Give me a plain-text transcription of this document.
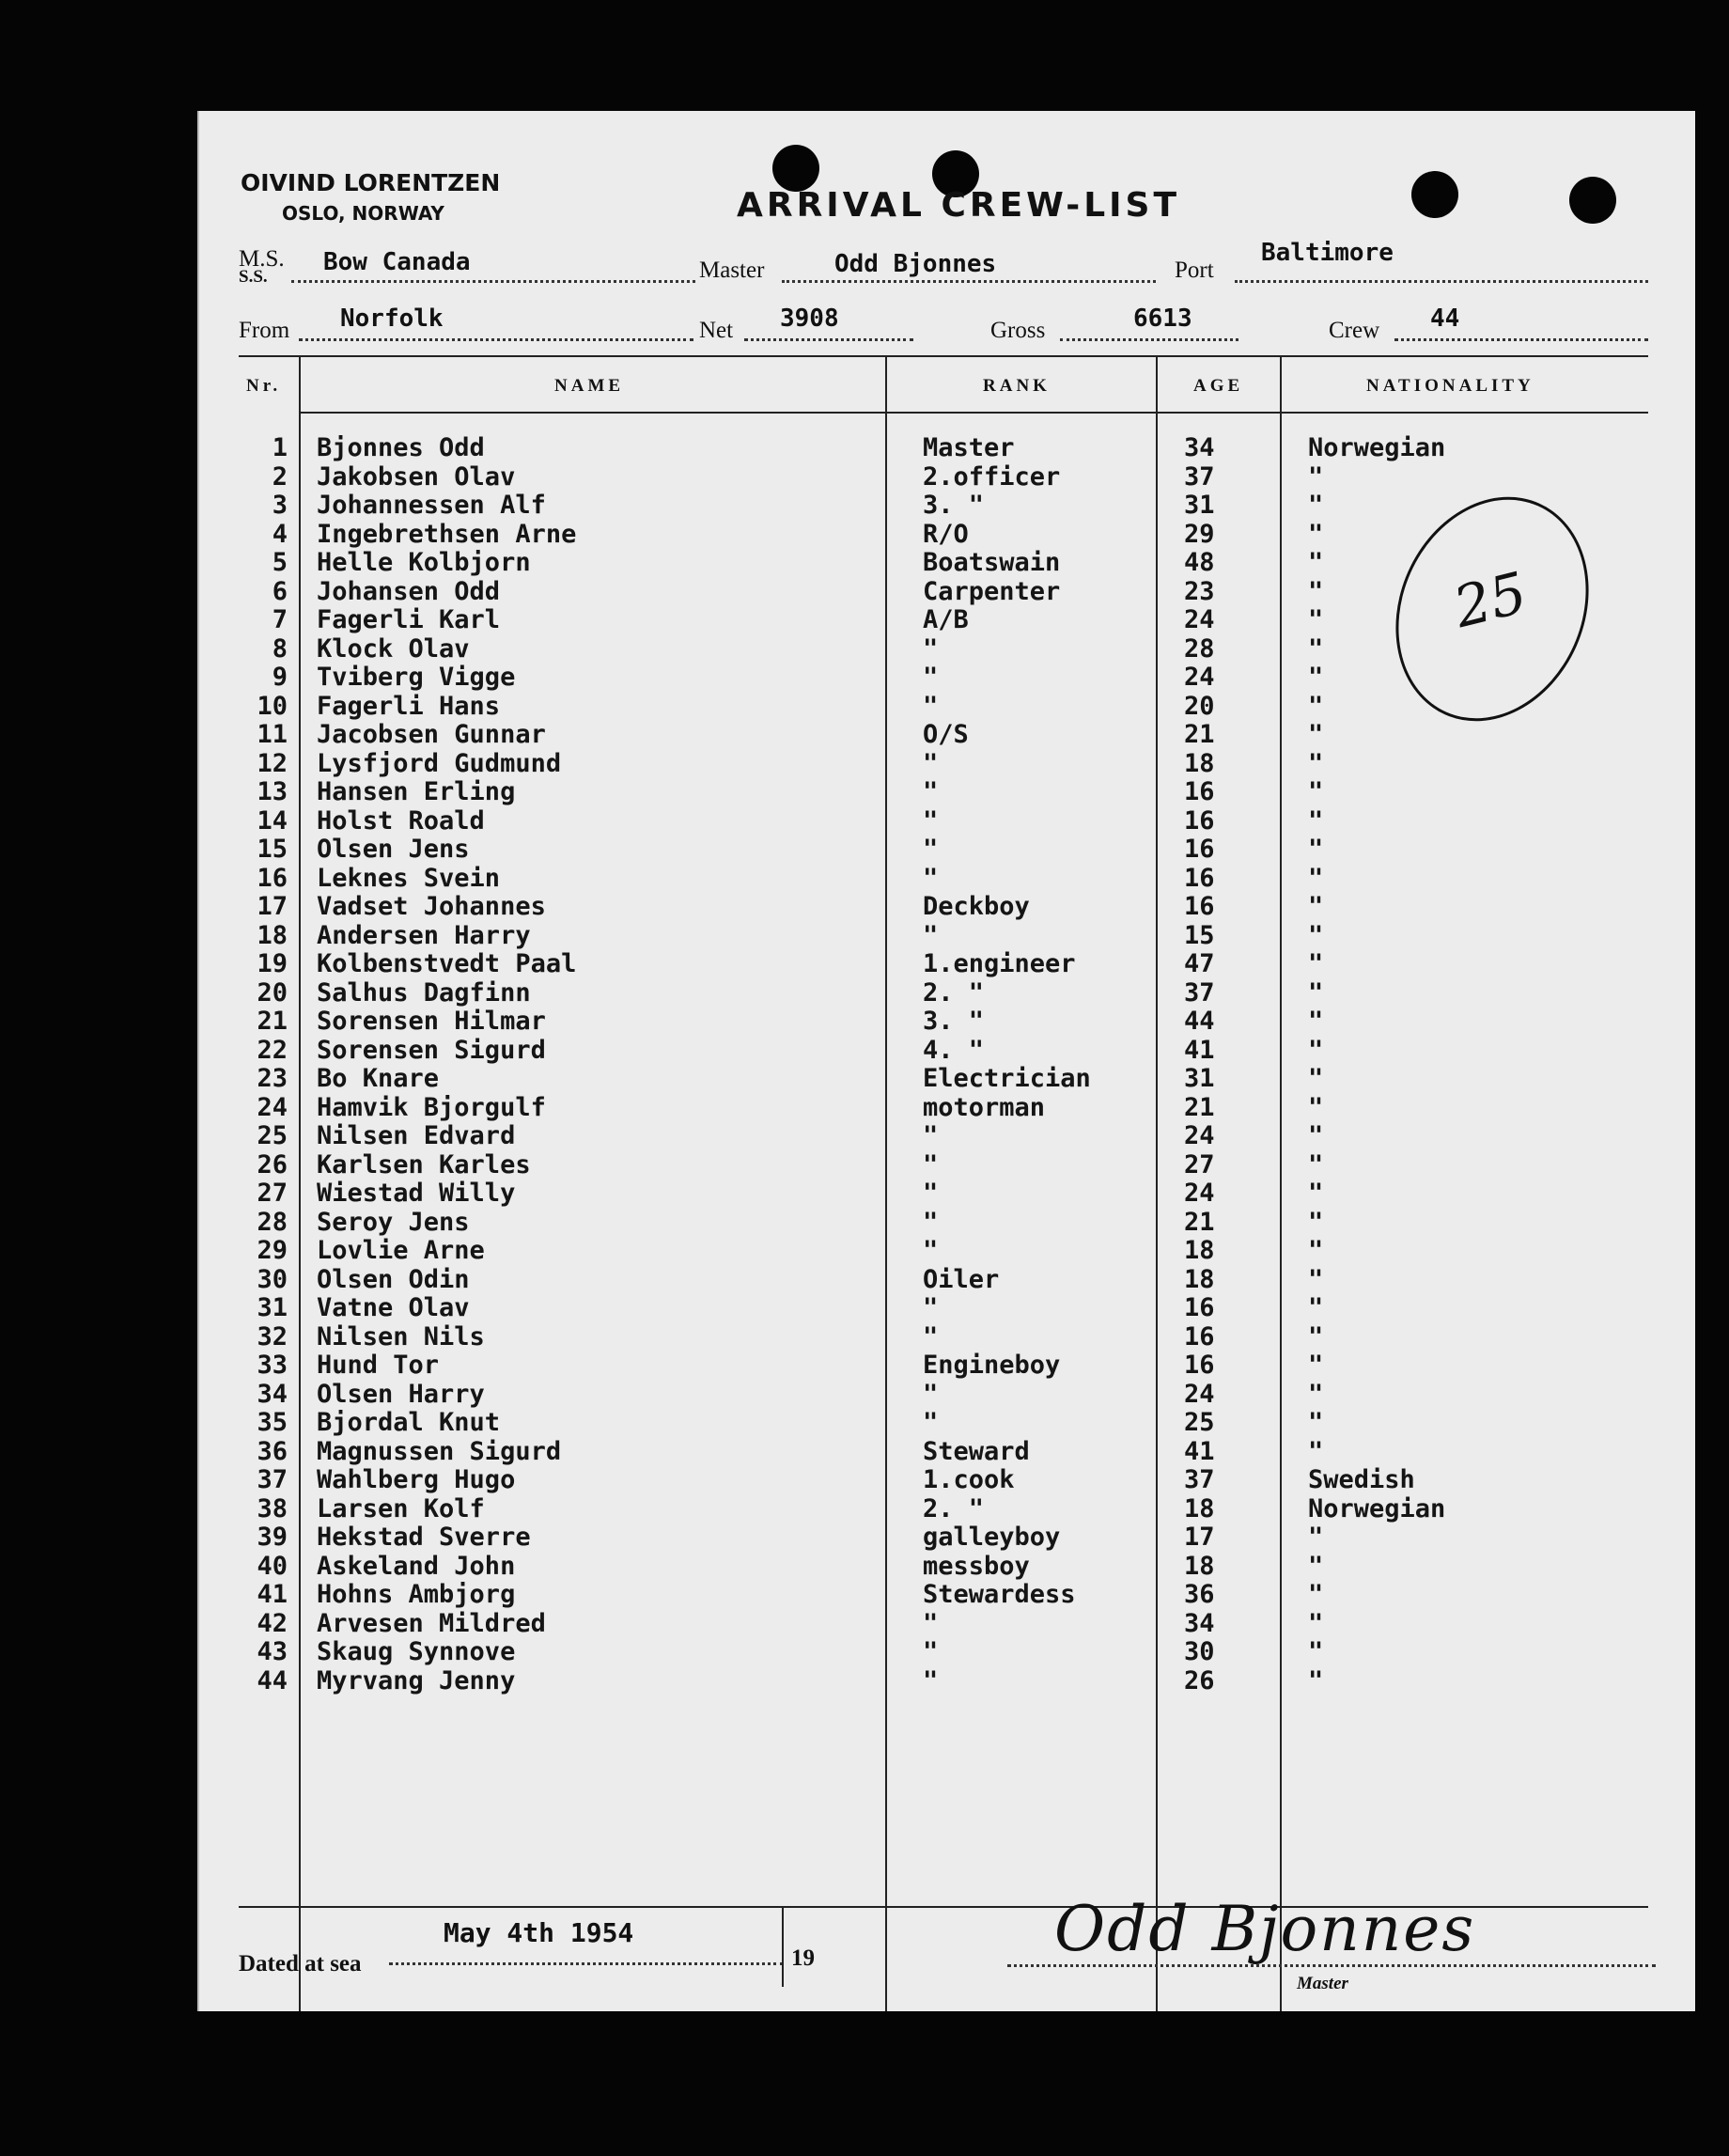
OIVIND LORENTZEN
OSLO, NORWAY	ARRIVAL CREW-LIST
M.S.
S.S.
Bow Canada	Master	Odd Bjonnes	Port
Baltimore
From Norfolk	Net 3908	Gross	6613	Crew 44
Nr.	NAME	RANK	AGE	NATIONALITY
1 Bjonnes Odd	Master	34	Norwegian
2 Jakobsen Olav	2.officer	37	"
3 Johannessen Alf	3. "	31	"
4 Ingebrethsen Arne	R/O	29	"
5 Helle Kolbjorn	Boatswain	48	"
6 Johansen Odd	Carpenter	23	"
7 Fagerli Karl	A/B	24	"
8 Klock Olav	"	28	"
9 Tviberg Vigge	"	24	"
10 Fagerli Hans	"	20	"
11 Jacobsen Gunnar	O/S	21	"
12 Lysfjord Gudmund	"	18	"
13 Hansen Erling	"	16	"
14 Holst Roald	"	16	"
15 Olsen Jens	"	16	"
16 Leknes Svein	"	16	"
17 Vadset Johannes	Deckboy	16	"
18 Andersen Harry	"	15	"
19 Kolbenstvedt Paal	1.engineer	47	"
20 Salhus Dagfinn	2. "	37	"
21 Sorensen Hilmar	3. "	44	"
22 Sorensen Sigurd	4. "	41	"
23 Bo Knare	Electrician	31	"
24 Hamvik Bjorgulf	motorman	21	"
25 Nilsen Edvard	"	24	"
26 Karlsen Karles	"	27	"
27 Wiestad Willy	"	24	"
28 Seroy Jens	"	21	"
29 Lovlie Arne	"	18	"
30 Olsen Odin	Oiler	18	"
31 Vatne Olav	"	16	"
32 Nilsen Nils	"	16	"
33 Hund Tor	Engineboy	16	"
34 Olsen Harry	"	24	"
35 Bjordal Knut	"	25	"
36 Magnussen Sigurd	Steward	41	"
37 Wahlberg Hugo	1.cook	37	Swedish
38 Larsen Kolf	2. "	18	Norwegian
39 Hekstad Sverre	galleyboy	17	"
40 Askeland John	messboy	18	"
41 Hohns Ambjorg	Stewardess	36	"
42 Arvesen Mildred	"	34	"
43 Skaug Synnove	"	30	"
44 Myrvang Jenny	"	26	"
25
Dated at sea
May 4th 1954
19	Odd Bjonnes
Master
